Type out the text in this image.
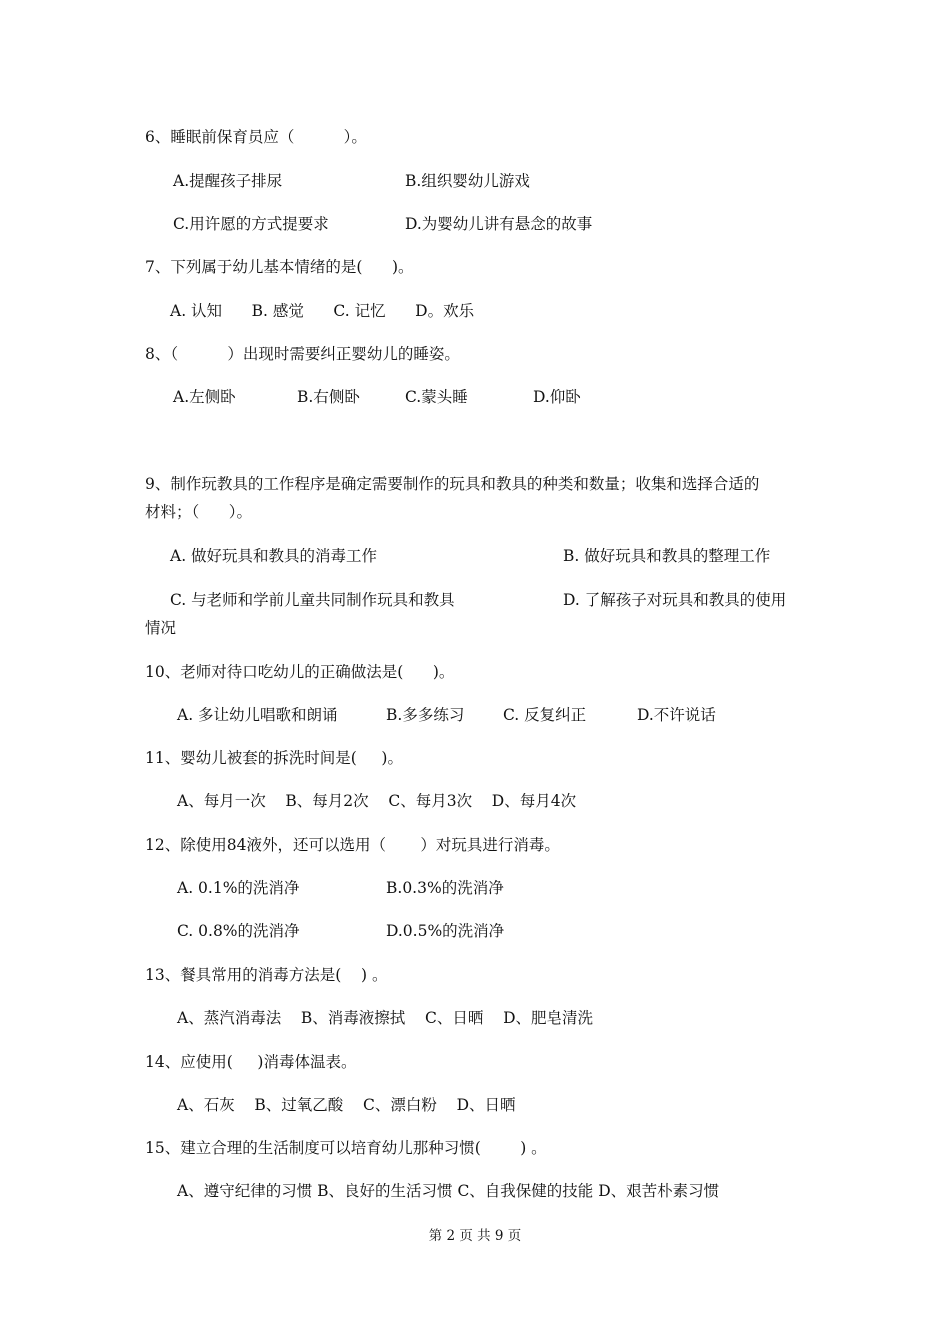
6、睡眠前保育员应（          ）。
A.提醒孩子排尿	B.组织婴幼儿游戏
C.用许愿的方式提要求	D.为婴幼儿讲有悬念的故事
7、下列属于幼儿基本情绪的是(      )。
A. 认知      B. 感觉      C. 记忆      D。欢乐
8、（          ）出现时需要纠正婴幼儿的睡姿。
A.左侧卧	B.右侧卧	C.蒙头睡	D.仰卧
9、制作玩教具的工作程序是确定需要制作的玩具和教具的种类和数量；收集和选择合适的
材料；（      ）。
A. 做好玩具和教具的消毒工作	B. 做好玩具和教具的整理工作
C. 与老师和学前儿童共同制作玩具和教具	D. 了解孩子对玩具和教具的使用
情况
10、老师对待口吃幼儿的正确做法是(      )。
A. 多让幼儿唱歌和朗诵	B.多多练习 C. 反复纠正	D.不许说话
11、婴幼儿被套的拆洗时间是(     )。
A、每月一次    B、每月2次    C、每月3次    D、每月4次
12、除使用84液外，还可以选用（       ）对玩具进行消毒。
A. 0.1%的洗消净	B.0.3%的洗消净
C. 0.8%的洗消净	D.0.5%的洗消净
13、餐具常用的消毒方法是(    ) 。
A、蒸汽消毒法    B、消毒液擦拭    C、日晒    D、肥皂清洗
14、应使用(     )消毒体温表。
A、石灰    B、过氧乙酸    C、漂白粉    D、日晒
15、建立合理的生活制度可以培育幼儿那种习惯(        ) 。
A、遵守纪律的习惯 B、良好的生活习惯 C、自我保健的技能 D、艰苦朴素习惯
第 2 页 共 9 页
